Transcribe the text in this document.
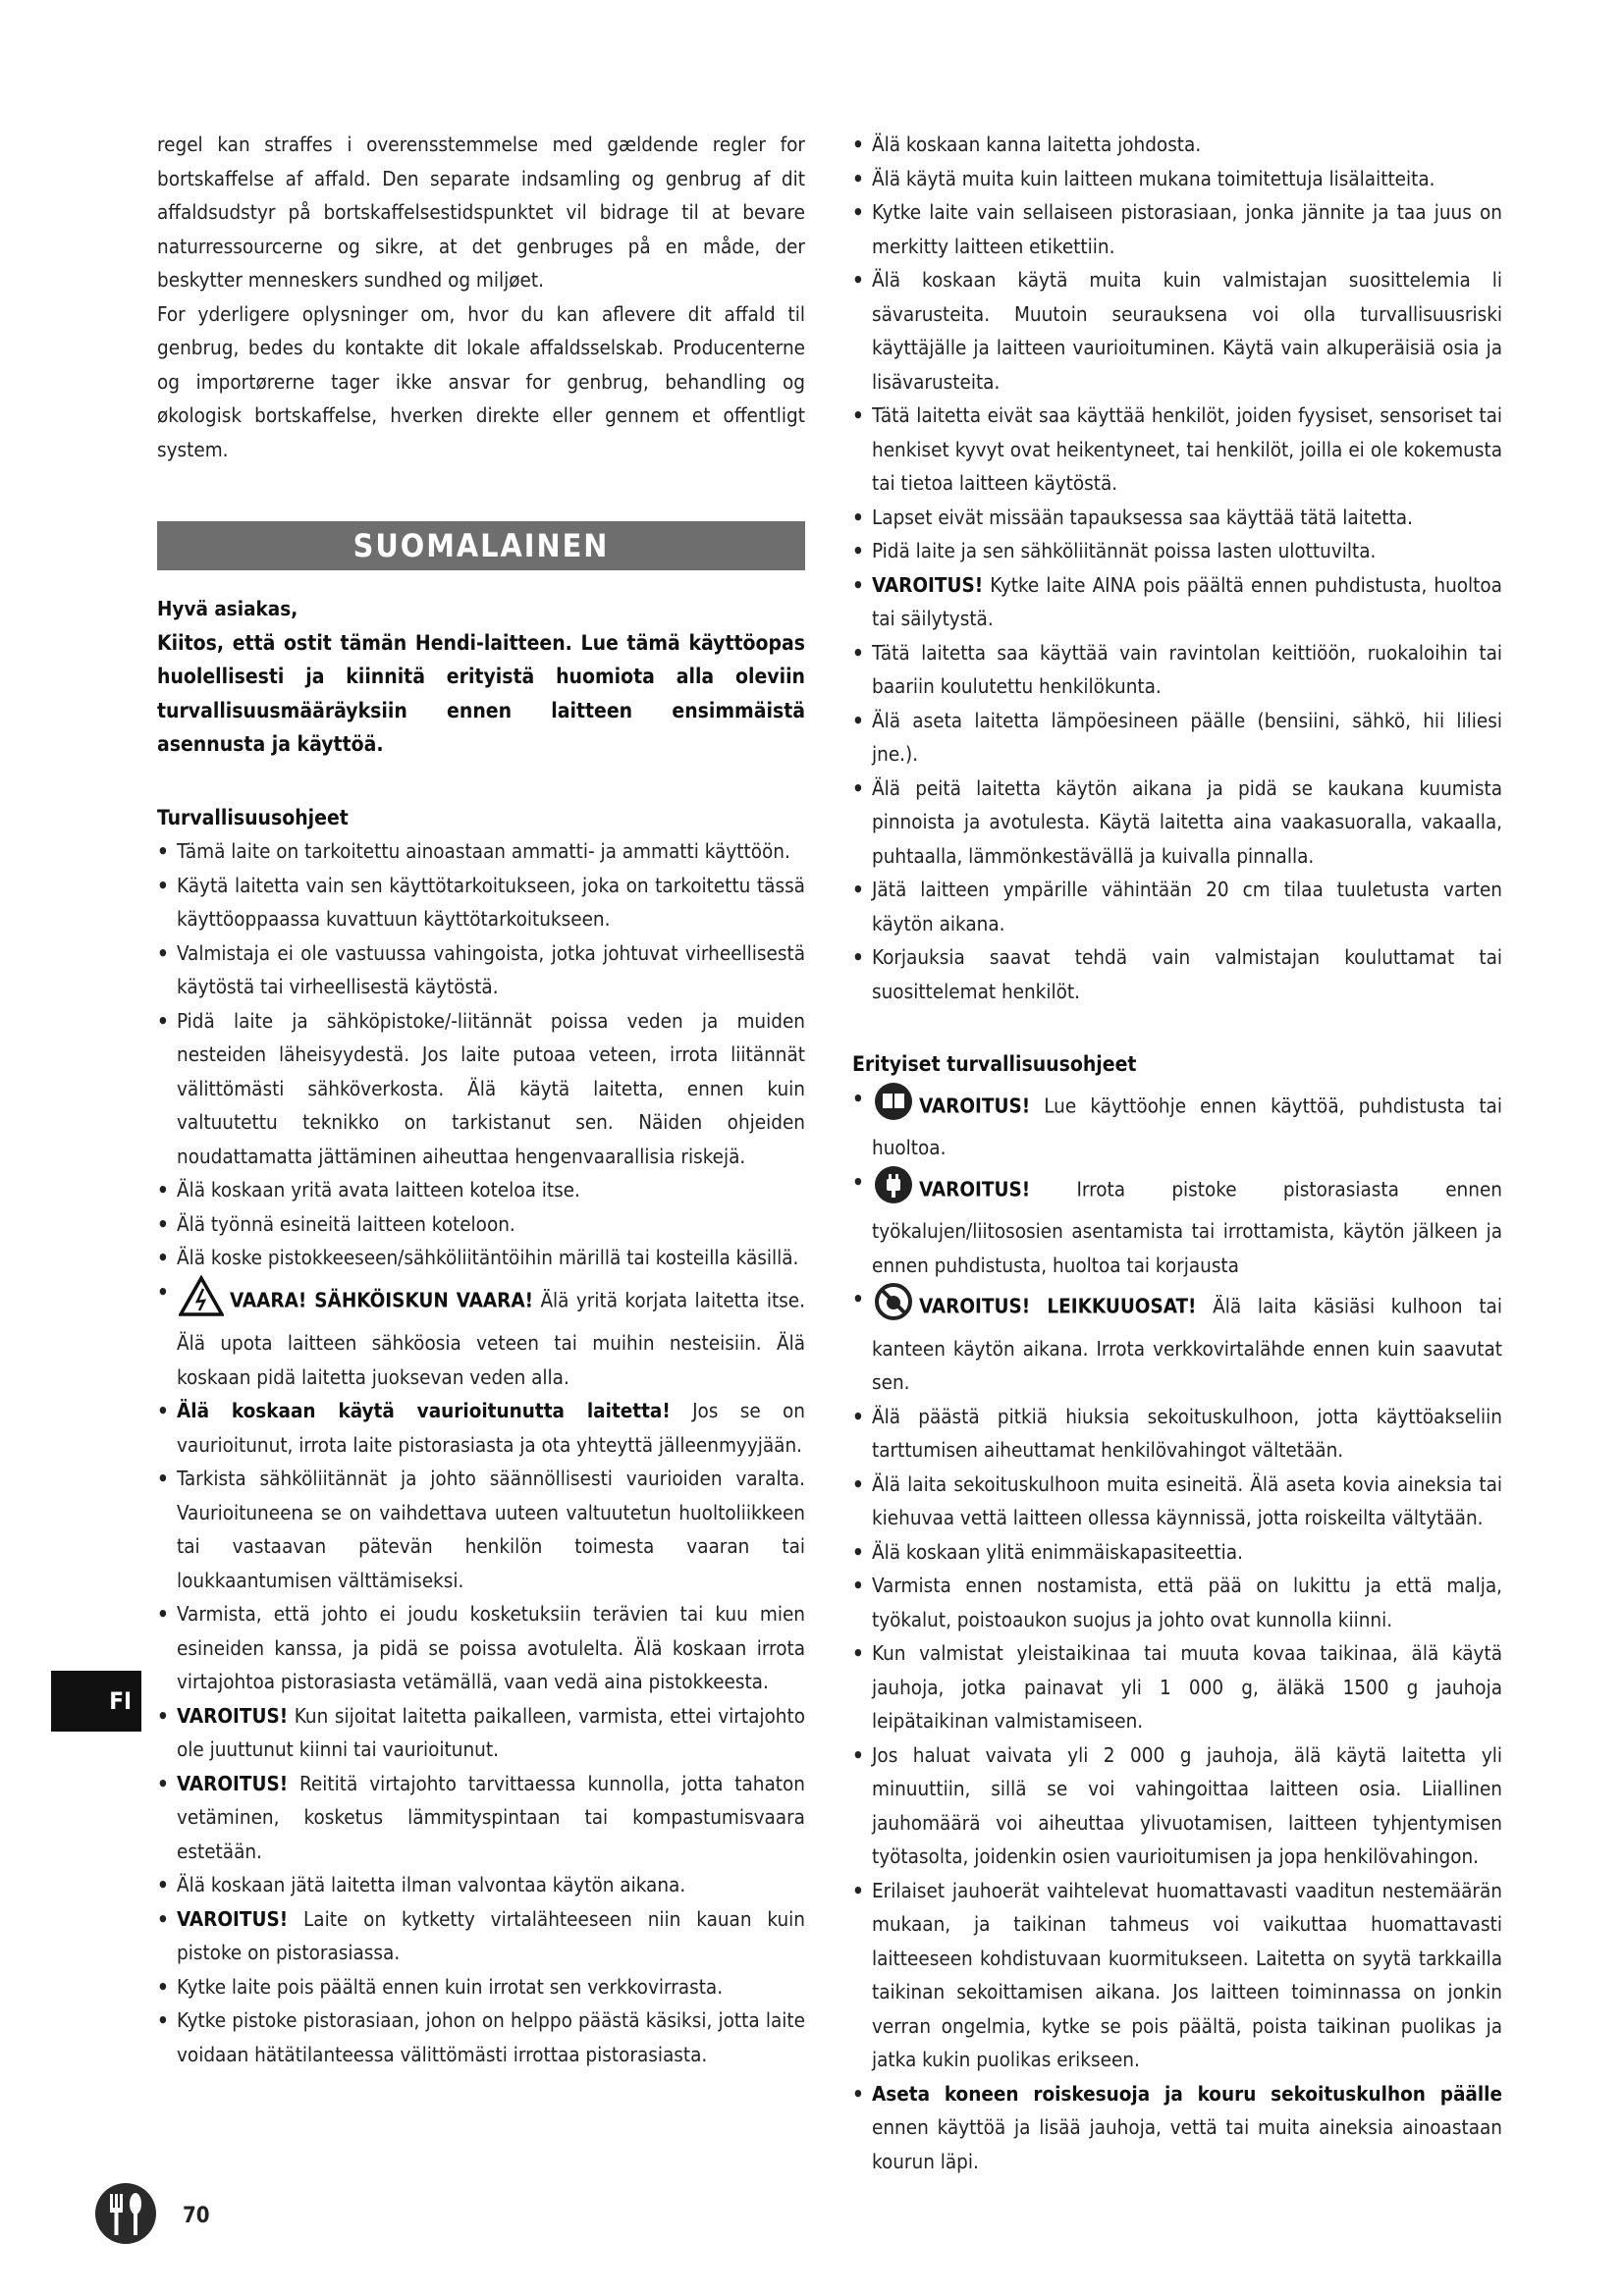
regel kan straffes i overensstemmelse med gældende regler for bortskaffelse af affald. Den separate indsamling og genbrug af dit affaldsudstyr på bortskaffelsestidspunktet vil bidrage til at bevare naturressourcerne og sikre, at det genbruges på en måde, der beskytter menneskers sundhed og miljøet.

For yderligere oplysninger om, hvor du kan aflevere dit affald til genbrug, bedes du kontakte dit lokale affaldsselskab. Producenterne og importørerne tager ikke ansvar for genbrug, behandling og økologisk bortskaffelse, hverken direkte eller gennem et offentligt system.

SUOMALAINEN

Hyvä asiakas,

Kiitos, että ostit tämän Hendi-laitteen. Lue tämä käyttöopas huolellisesti ja kiinnitä erityistä huomiota alla oleviin turvallisuusmääräyksiin ennen laitteen ensimmäistä asennusta ja käyttöä.

Turvallisuusohjeet
• Tämä laite on tarkoitettu ainoastaan ammatti- ja ammatti käyttöön.
• Käytä laitetta vain sen käyttötarkoitukseen, joka on tarkoitettu tässä käyttöoppaassa kuvattuun käyttötarkoitukseen.
• Valmistaja ei ole vastuussa vahingoista, jotka johtuvat virheellisestä käytöstä tai virheellisestä käytöstä.
• Pidä laite ja sähköpistoke/-liitännät poissa veden ja muiden nesteiden läheisyydestä. Jos laite putoaa veteen, irrota liitännät välittömästi sähköverkosta. Älä käytä laitetta, ennen kuin valtuutettu teknikko on tarkistanut sen. Näiden ohjeiden noudattamatta jättäminen aiheuttaa hengenvaarallisia riskejä.
• Älä koskaan yritä avata laitteen koteloa itse.
• Älä työnnä esineitä laitteen koteloon.
• Älä koske pistokkeeseen/sähköliitäntöihin märillä tai kosteilla käsillä.
• VAARA! SÄHKÖISKUN VAARA! Älä yritä korjata laitetta itse. Älä upota laitteen sähköosia veteen tai muihin nesteisiin. Älä koskaan pidä laitetta juoksevan veden alla.
• Älä koskaan käytä vaurioitunutta laitetta! Jos se on vaurioitunut, irrota laite pistorasiasta ja ota yhteyttä jälleenmyyjään.
• Tarkista sähköliitännät ja johto säännöllisesti vaurioiden varalta. Vaurioituneena se on vaihdettava uuteen valtuutetun huoltoliikkeen tai vastaavan pätevän henkilön toimesta vaaran tai loukkaantumisen välttämiseksi.
• Varmista, että johto ei joudu kosketuksiin terävien tai kuu mien esineiden kanssa, ja pidä se poissa avotulelta. Älä koskaan irrota virtajohtoa pistorasiasta vetämällä, vaan vedä aina pistokkeesta.
• VAROITUS! Kun sijoitat laitetta paikalleen, varmista, ettei virtajohto ole juuttunut kiinni tai vaurioitunut.
• VAROITUS! Reititä virtajohto tarvittaessa kunnolla, jotta tahaton vetäminen, kosketus lämmityspintaan tai kompastumisvaara estetään.
• Älä koskaan jätä laitetta ilman valvontaa käytön aikana.
• VAROITUS! Laite on kytketty virtalähteeseen niin kauan kuin pistoke on pistorasiassa.
• Kytke laite pois päältä ennen kuin irrotat sen verkkovirrasta.
• Kytke pistoke pistorasiaan, johon on helppo päästä käsiksi, jotta laite voidaan hätätilanteessa välittömästi irrottaa pistorasiasta.
• Älä koskaan kanna laitetta johdosta.
• Älä käytä muita kuin laitteen mukana toimitettuja lisälaitteita.
• Kytke laite vain sellaiseen pistorasiaan, jonka jännite ja taa juus on merkitty laitteen etikettiin.
• Älä koskaan käytä muita kuin valmistajan suosittelemia li sävarusteita. Muutoin seurauksena voi olla turvallisuusriski käyttäjälle ja laitteen vaurioituminen. Käytä vain alkuperäisiä osia ja lisävarusteita.
• Tätä laitetta eivät saa käyttää henkilöt, joiden fyysiset, sensoriset tai henkiset kyvyt ovat heikentyneet, tai henkilöt, joilla ei ole kokemusta tai tietoa laitteen käytöstä.
• Lapset eivät missään tapauksessa saa käyttää tätä laitetta.
• Pidä laite ja sen sähköliitännät poissa lasten ulottuvilta.
• VAROITUS! Kytke laite AINA pois päältä ennen puhdistusta, huoltoa tai säilytystä.
• Tätä laitetta saa käyttää vain ravintolan keittiöön, ruokaloihin tai baariin koulutettu henkilökunta.
• Älä aseta laitetta lämpöesineen päälle (bensiini, sähkö, hii liliesi jne.).
• Älä peitä laitetta käytön aikana ja pidä se kaukana kuumista pinnoista ja avotulesta. Käytä laitetta aina vaakasuoralla, vakaalla, puhtaalla, lämmönkestävällä ja kuivalla pinnalla.
• Jätä laitteen ympärille vähintään 20 cm tilaa tuuletusta varten käytön aikana.
• Korjauksia saavat tehdä vain valmistajan kouluttamat tai suosittelemat henkilöt.
Erityiset turvallisuusohjeet
• VAROITUS! Lue käyttöohje ennen käyttöä, puhdistusta tai huoltoa.
• VAROITUS! Irrota pistoke pistorasiasta ennen työkalujen/liitososien asentamista tai irrottamista, käytön jälkeen ja ennen puhdistusta, huoltoa tai korjausta
• VAROITUS! LEIKKUUOSAT! Älä laita käsiäsi kulhoon tai kanteen käytön aikana. Irrota verkkovirtalähde ennen kuin saavutat sen.
• Älä päästä pitkiä hiuksia sekoituskulhoon, jotta käyttöakseliin tarttumisen aiheuttamat henkilövahingot vältetään.
• Älä laita sekoituskulhoon muita esineitä. Älä aseta kovia aineksia tai kiehuvaa vettä laitteen ollessa käynnissä, jotta roiskeilta vältytään.
• Älä koskaan ylitä enimmäiskapasiteettia.
• Varmista ennen nostamista, että pää on lukittu ja että malja, työkalut, poistoaukon suojus ja johto ovat kunnolla kiinni.
• Kun valmistat yleistaikinaa tai muuta kovaa taikinaa, älä käytä jauhoja, jotka painavat yli 1 000 g, äläkä 1500 g jauhoja leipätaikinan valmistamiseen.
• Jos haluat vaivata yli 2 000 g jauhoja, älä käytä laitetta yli minuuttiin, sillä se voi vahingoittaa laitteen osia. Liiallinen jauhomäärä voi aiheuttaa ylivuotamisen, laitteen tyhjentymisen työtasolta, joidenkin osien vaurioitumisen ja jopa henkilövahingon.
• Erilaiset jauhoerät vaihtelevat huomattavasti vaaditun nestemäärän mukaan, ja taikinan tahmeus voi vaikuttaa huomattavasti laitteeseen kohdistuvaan kuormitukseen. Laitetta on syytä tarkkailla taikinan sekoittamisen aikana. Jos laitteen toiminnassa on jonkin verran ongelmia, kytke se pois päältä, poista taikinan puolikas ja jatka kukin puolikas erikseen.
• Aseta koneen roiskesuoja ja kouru sekoituskulhon päälle ennen käyttöä ja lisää jauhoja, vettä tai muita aineksia ainoastaan kourun läpi.
FI
70
